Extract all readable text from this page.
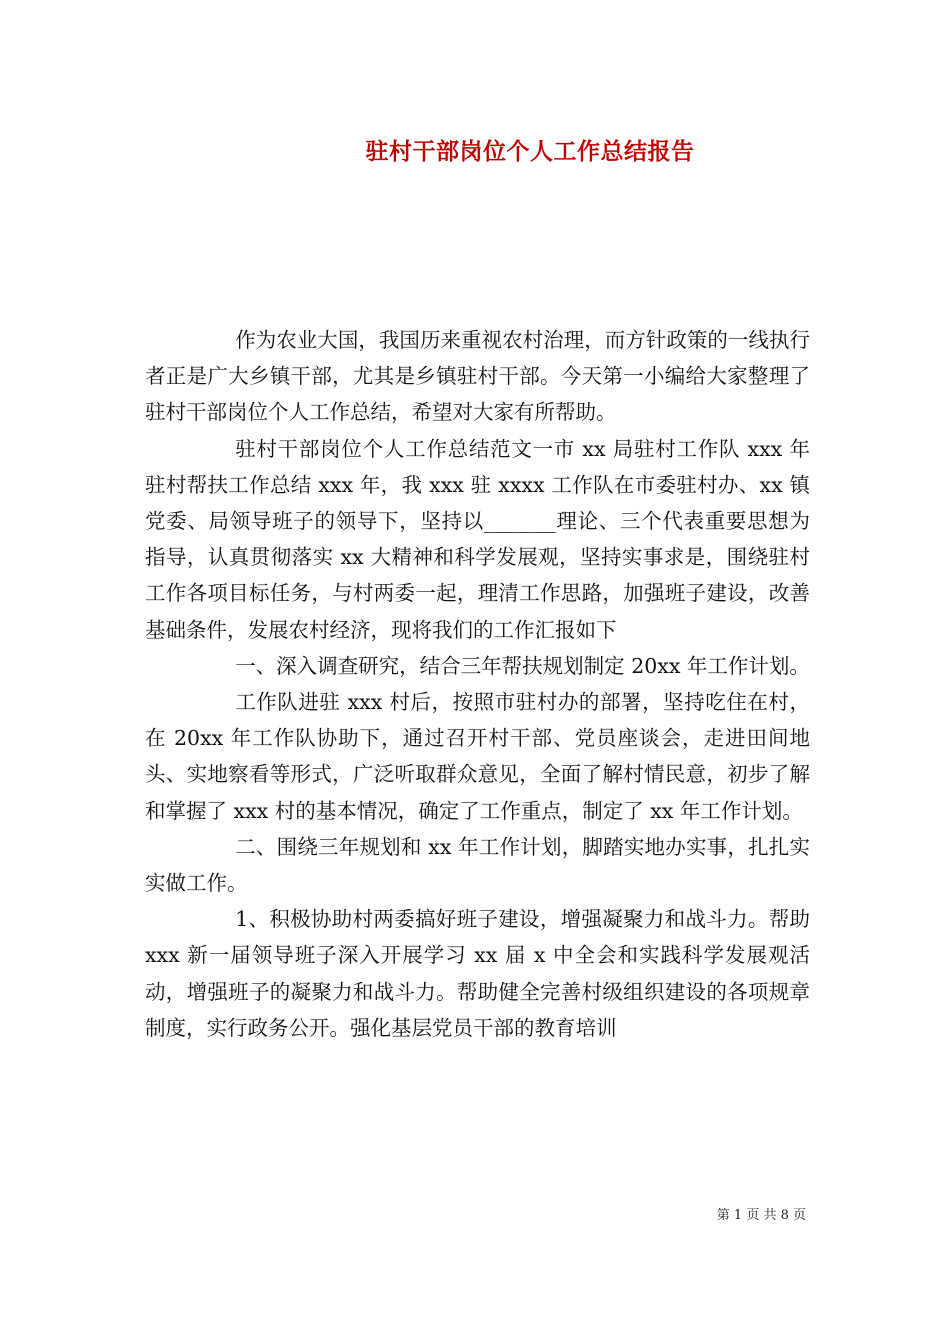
驻村干部岗位个人工作总结报告

作为农业大国，我国历来重视农村治理，而方针政策的一线执行者正是广大乡镇干部，尤其是乡镇驻村干部。今天第一小编给大家整理了驻村干部岗位个人工作总结，希望对大家有所帮助。

驻村干部岗位个人工作总结范文一市 xx 局驻村工作队 xxx 年驻村帮扶工作总结 xxx 年，我 xxx 驻 xxxx 工作队在市委驻村办、xx 镇党委、局领导班子的领导下，坚持以_______理论、三个代表重要思想为指导，认真贯彻落实 xx 大精神和科学发展观，坚持实事求是，围绕驻村工作各项目标任务，与村两委一起，理清工作思路，加强班子建设，改善基础条件，发展农村经济，现将我们的工作汇报如下

一、深入调查研究，结合三年帮扶规划制定 20xx 年工作计划。

工作队进驻 xxx 村后，按照市驻村办的部署，坚持吃住在村，在 20xx 年工作队协助下，通过召开村干部、党员座谈会，走进田间地头、实地察看等形式，广泛听取群众意见，全面了解村情民意，初步了解和掌握了 xxx 村的基本情况，确定了工作重点，制定了 xx 年工作计划。

二、围绕三年规划和 xx 年工作计划，脚踏实地办实事，扎扎实实做工作。

1、积极协助村两委搞好班子建设，增强凝聚力和战斗力。帮助 xxx 新一届领导班子深入开展学习 xx 届 x 中全会和实践科学发展观活动，增强班子的凝聚力和战斗力。帮助健全完善村级组织建设的各项规章制度，实行政务公开。强化基层党员干部的教育培训

第 1 页 共 8 页
